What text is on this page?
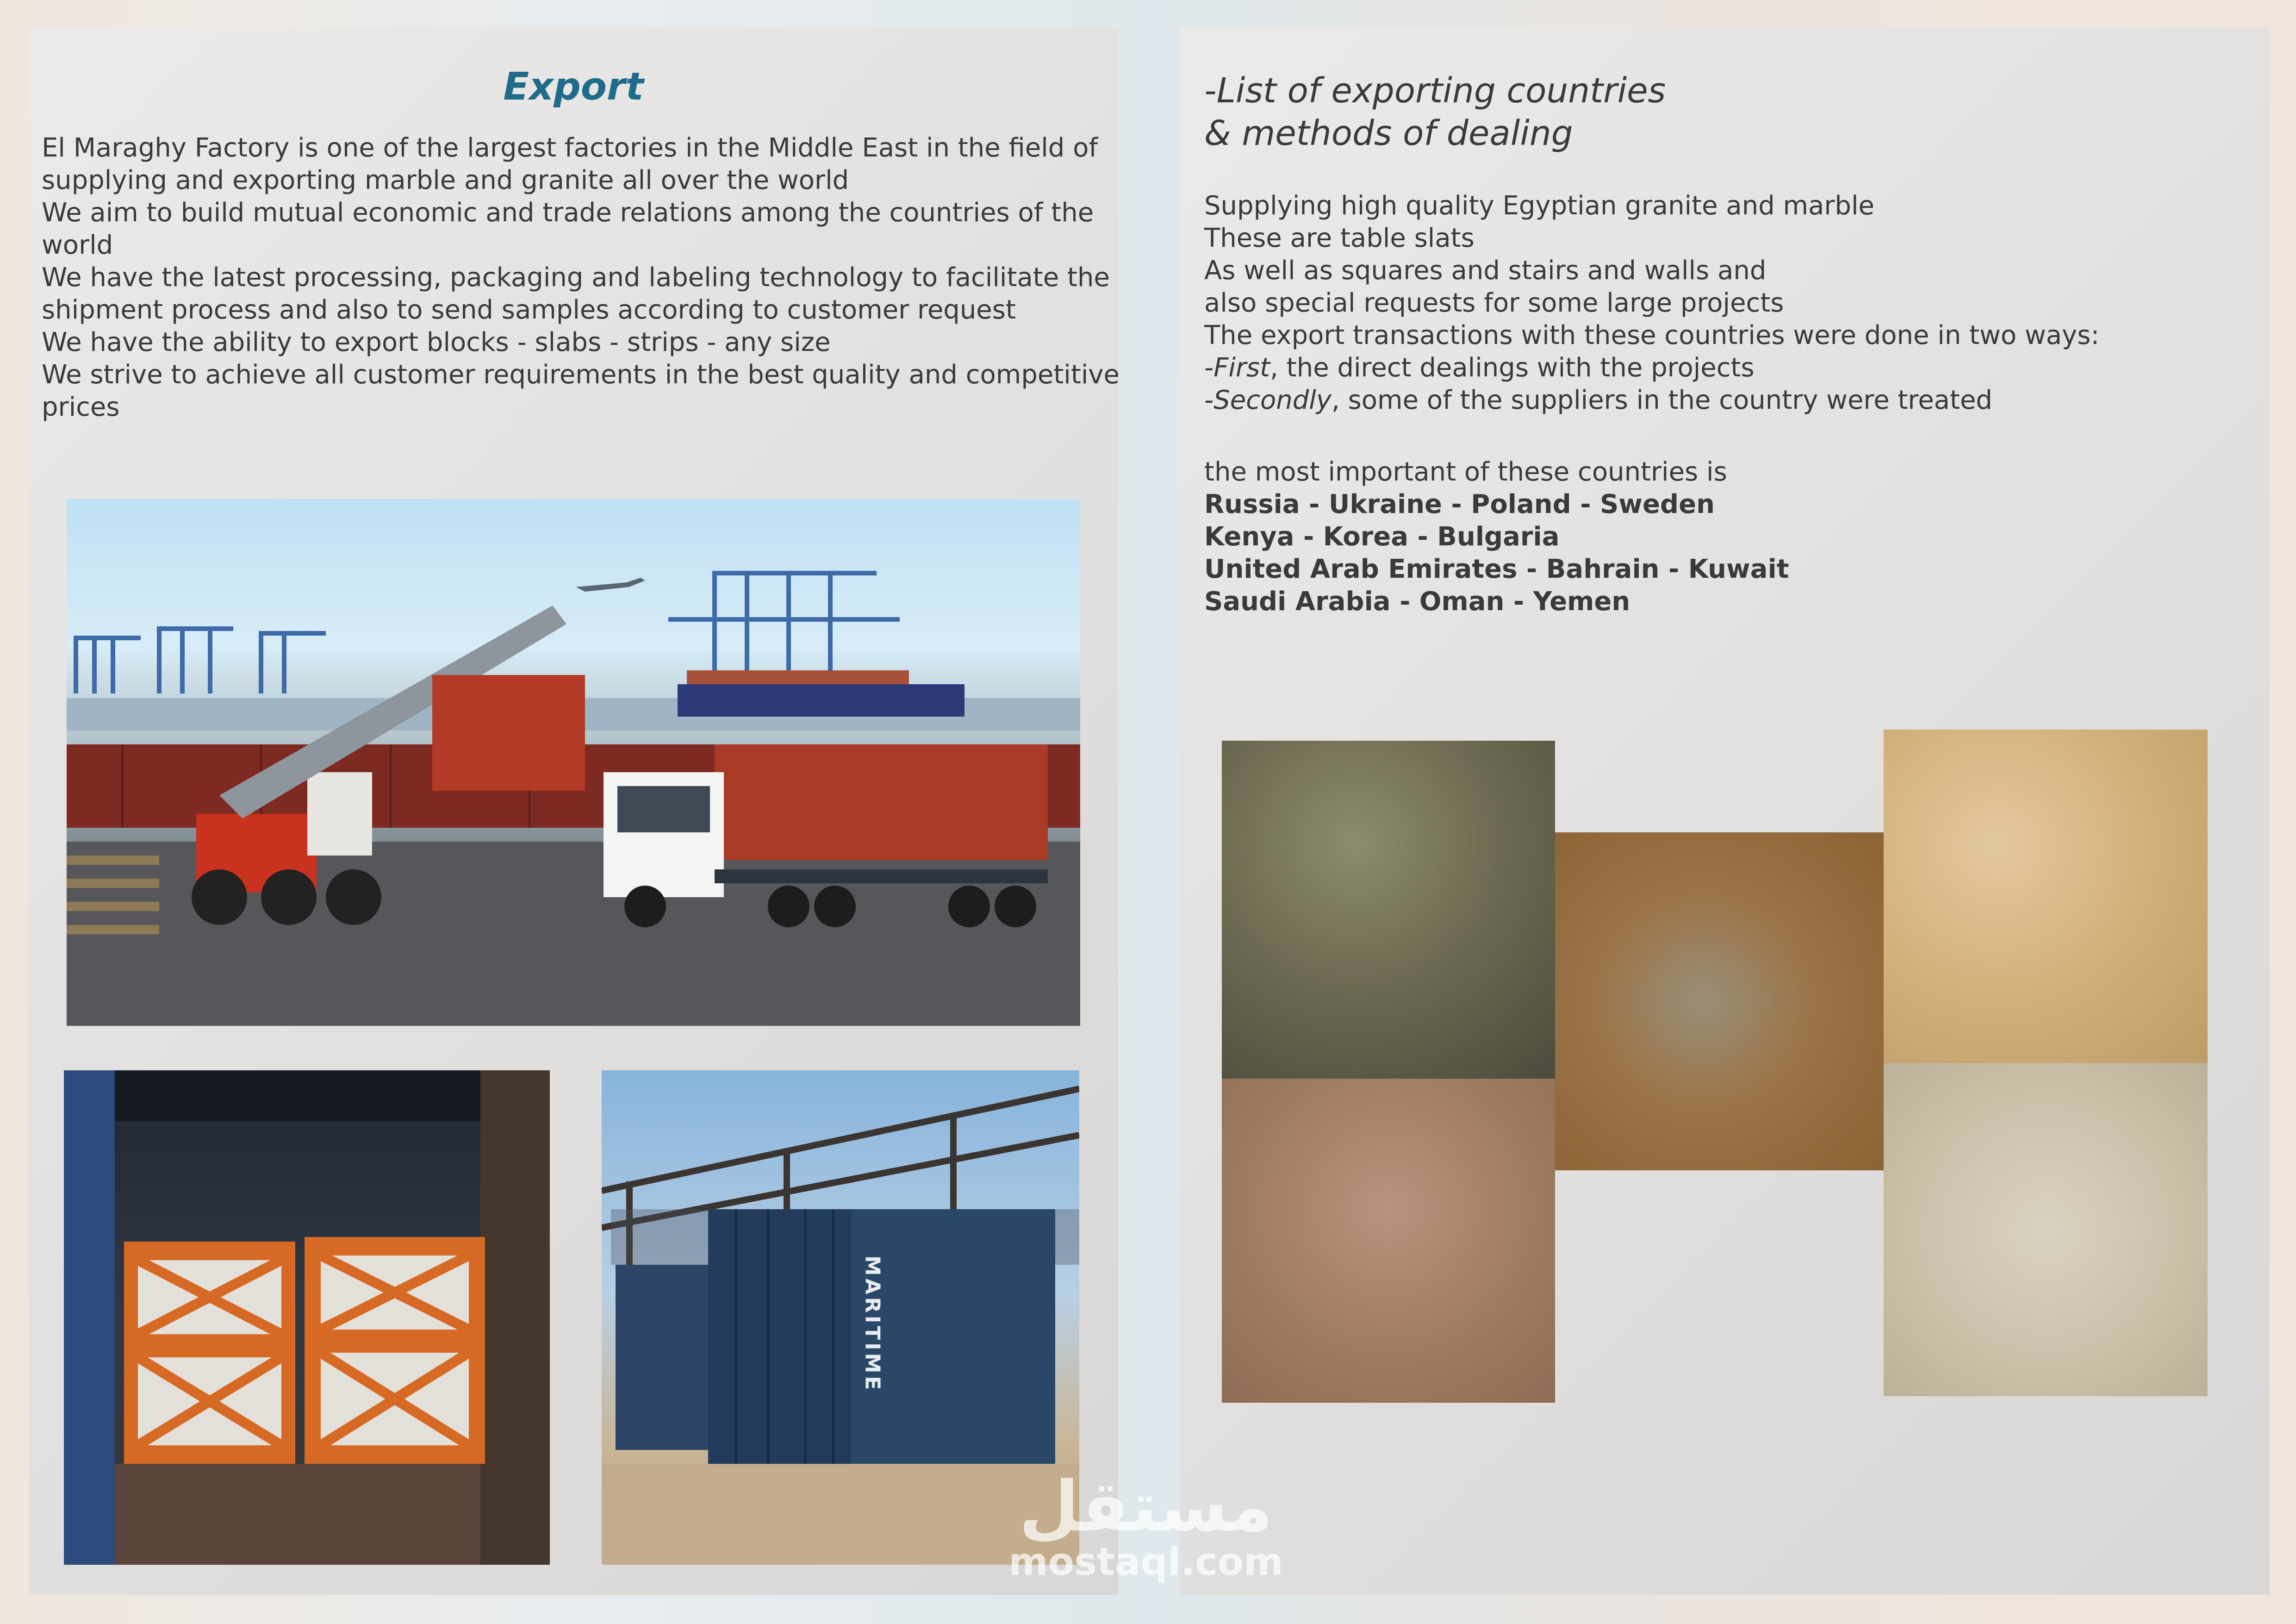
Export
El Maraghy Factory is one of the largest factories in the Middle East in the field of supplying and exporting marble and granite all over the world
We aim to build mutual economic and trade relations among the countries of the world
We have the latest processing, packaging and labeling technology to facilitate the shipment process and also to send samples according to customer request
We have the ability to export blocks - slabs - strips - any size
We strive to achieve all customer requirements in the best quality and competitive prices
MARITIME
-List of exporting countries
& methods of dealing
Supplying high quality Egyptian granite and marble
These are table slats
As well as squares and stairs and walls and
also special requests for some large projects
The export transactions with these countries were done in two ways:
-First, the direct dealings with the projects
-Secondly, some of the suppliers in the country were treated
the most important of these countries is
Russia - Ukraine - Poland - Sweden
Kenya - Korea - Bulgaria
United Arab Emirates - Bahrain - Kuwait
Saudi Arabia - Oman - Yemen
مستقل
mostaql.com
